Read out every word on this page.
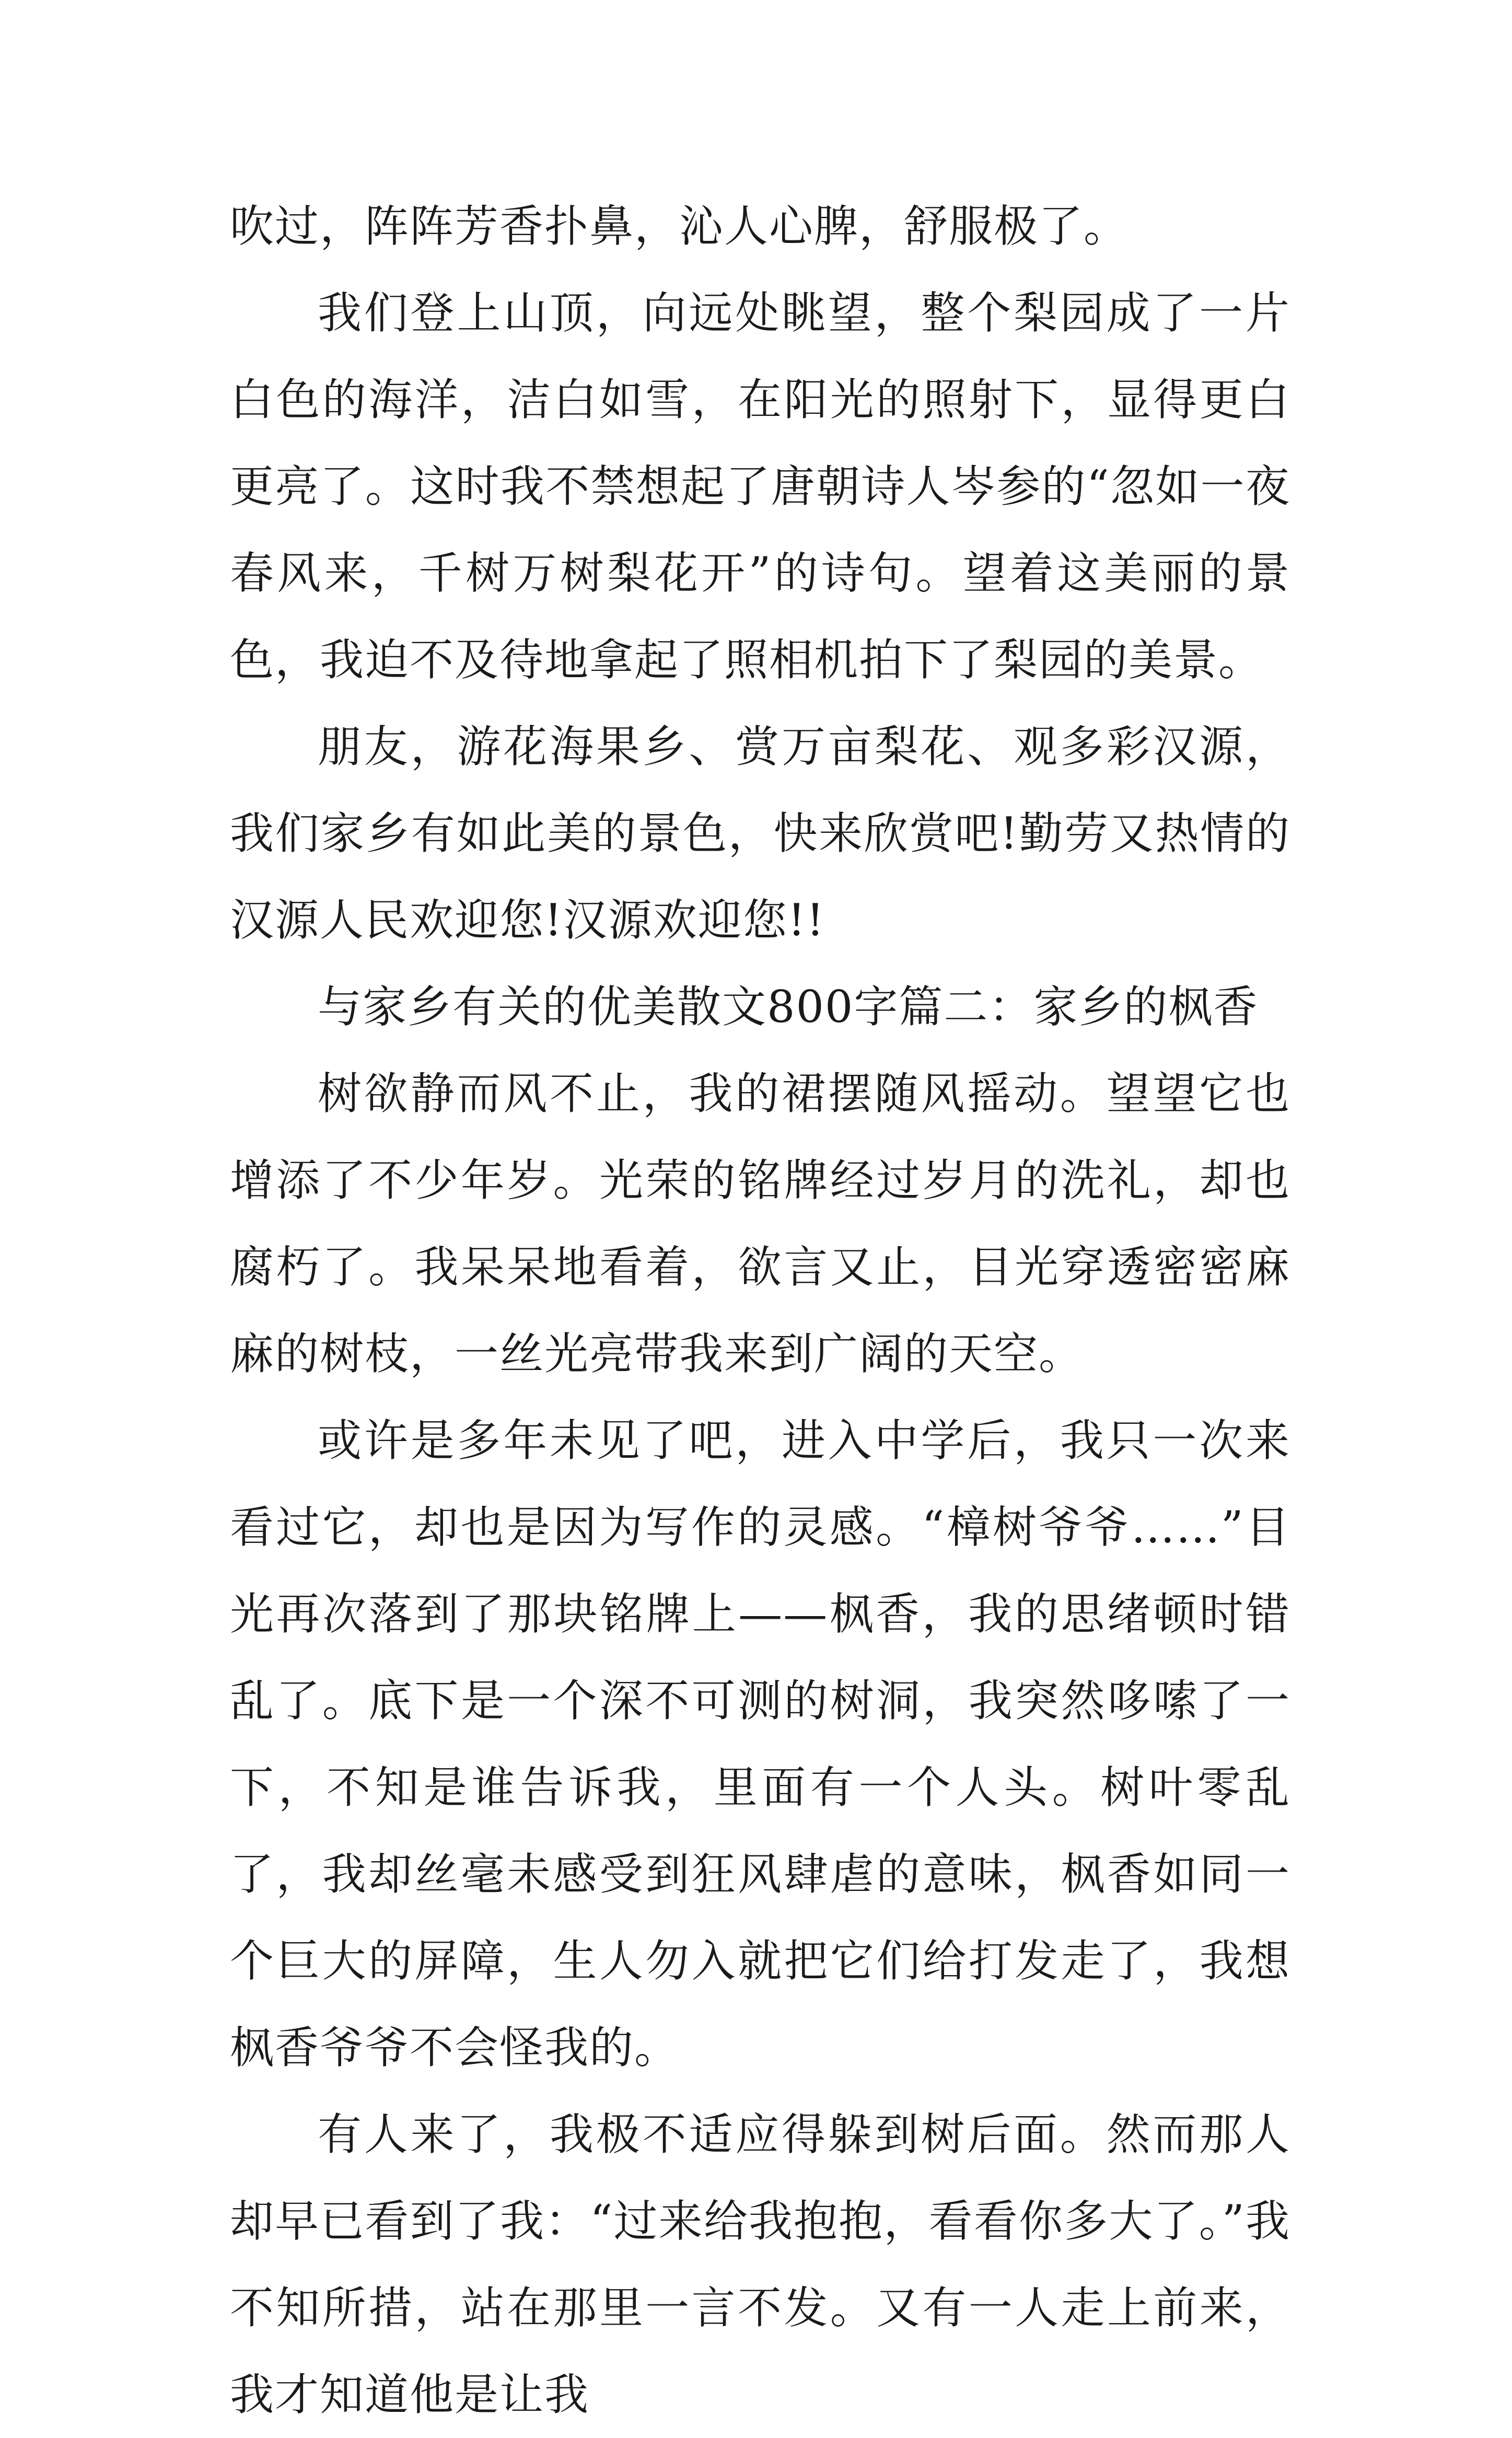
吹过，阵阵芳香扑鼻，沁人心脾，舒服极了。

我们登上山顶，向远处眺望，整个梨园成了一片白色的海洋，洁白如雪，在阳光的照射下，显得更白更亮了。这时我不禁想起了唐朝诗人岑参的“忽如一夜春风来，千树万树梨花开”的诗句。望着这美丽的景色，我迫不及待地拿起了照相机拍下了梨园的美景。

朋友，游花海果乡、赏万亩梨花、观多彩汉源，我们家乡有如此美的景色，快来欣赏吧!勤劳又热情的汉源人民欢迎您!汉源欢迎您!!

与家乡有关的优美散文800字篇二：家乡的枫香

树欲静而风不止，我的裙摆随风摇动。望望它也增添了不少年岁。光荣的铭牌经过岁月的洗礼，却也腐朽了。我呆呆地看着，欲言又止，目光穿透密密麻麻的树枝，一丝光亮带我来到广阔的天空。

或许是多年未见了吧，进入中学后，我只一次来看过它，却也是因为写作的灵感。“樟树爷爷……”目光再次落到了那块铭牌上——枫香，我的思绪顿时错乱了。底下是一个深不可测的树洞，我突然哆嗦了一下，不知是谁告诉我，里面有一个人头。树叶零乱了，我却丝毫未感受到狂风肆虐的意味，枫香如同一个巨大的屏障，生人勿入就把它们给打发走了，我想枫香爷爷不会怪我的。

有人来了，我极不适应得躲到树后面。然而那人却早已看到了我：“过来给我抱抱，看看你多大了。”我不知所措，站在那里一言不发。又有一人走上前来，我才知道他是让我
